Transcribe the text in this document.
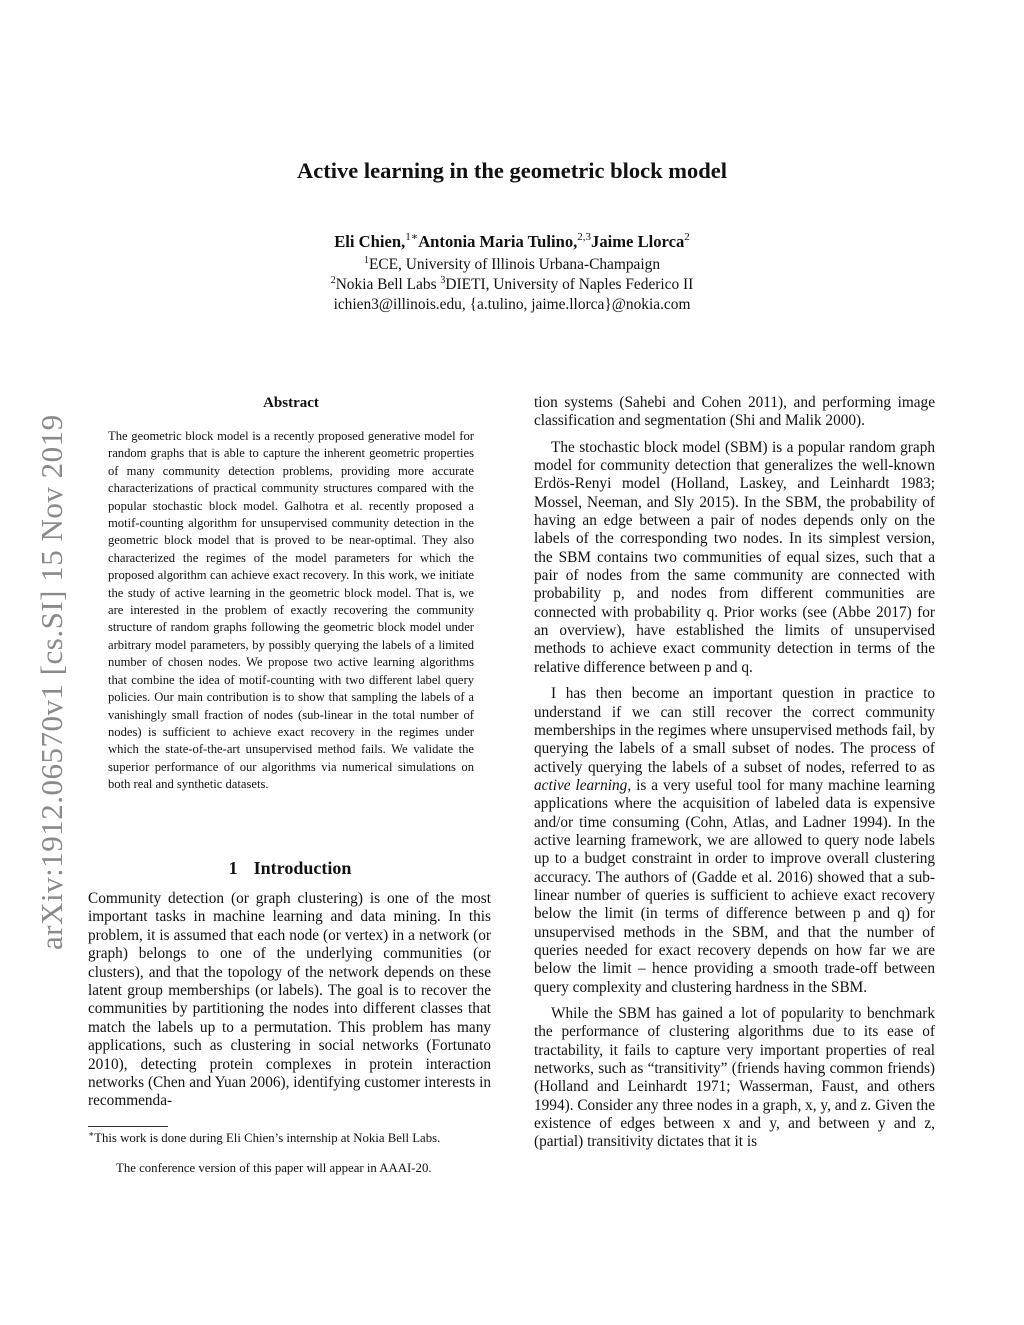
arXiv:1912.06570v1 [cs.SI] 15 Nov 2019
Active learning in the geometric block model
Eli Chien,$^{1∗}$Antonia Maria Tulino,$^{2,3}$Jaime Llorca$^2$
$^1$ECE, University of Illinois Urbana-Champaign
$^2$Nokia Bell Labs $^3$DIETI, University of Naples Federico II
ichien3@illinois.edu, {a.tulino, jaime.llorca}@nokia.com
Abstract
The geometric block model is a recently proposed generative model for random graphs that is able to capture the inherent geometric properties of many community detection problems, providing more accurate characterizations of practical community structures compared with the popular stochastic block model. Galhotra et al. recently proposed a motif-counting algorithm for unsupervised community detection in the geometric block model that is proved to be near-optimal. They also characterized the regimes of the model parameters for which the proposed algorithm can achieve exact recovery. In this work, we initiate the study of active learning in the geometric block model. That is, we are interested in the problem of exactly recovering the community structure of random graphs following the geometric block model under arbitrary model parameters, by possibly querying the labels of a limited number of chosen nodes. We propose two active learning algorithms that combine the idea of motif-counting with two different label query policies. Our main contribution is to show that sampling the labels of a vanishingly small fraction of nodes (sub-linear in the total number of nodes) is sufficient to achieve exact recovery in the regimes under which the state-of-the-art unsupervised method fails. We validate the superior performance of our algorithms via numerical simulations on both real and synthetic datasets.
1 Introduction
Community detection (or graph clustering) is one of the most important tasks in machine learning and data mining. In this problem, it is assumed that each node (or vertex) in a network (or graph) belongs to one of the underlying communities (or clusters), and that the topology of the network depends on these latent group memberships (or labels). The goal is to recover the communities by partitioning the nodes into different classes that match the labels up to a permutation. This problem has many applications, such as clustering in social networks (Fortunato 2010), detecting protein complexes in protein interaction networks (Chen and Yuan 2006), identifying customer interests in recommenda-
∗This work is done during Eli Chien’s internship at Nokia Bell Labs.
The conference version of this paper will appear in AAAI-20.

tion systems (Sahebi and Cohen 2011), and performing image classification and segmentation (Shi and Malik 2000).

The stochastic block model (SBM) is a popular random graph model for community detection that generalizes the well-known Erdös-Renyi model (Holland, Laskey, and Leinhardt 1983; Mossel, Neeman, and Sly 2015). In the SBM, the probability of having an edge between a pair of nodes depends only on the labels of the corresponding two nodes. In its simplest version, the SBM contains two communities of equal sizes, such that a pair of nodes from the same community are connected with probability p, and nodes from different communities are connected with probability q. Prior works (see (Abbe 2017) for an overview), have established the limits of unsupervised methods to achieve exact community detection in terms of the relative difference between p and q.

I has then become an important question in practice to understand if we can still recover the correct community memberships in the regimes where unsupervised methods fail, by querying the labels of a small subset of nodes. The process of actively querying the labels of a subset of nodes, referred to as active learning, is a very useful tool for many machine learning applications where the acquisition of labeled data is expensive and/or time consuming (Cohn, Atlas, and Ladner 1994). In the active learning framework, we are allowed to query node labels up to a budget constraint in order to improve overall clustering accuracy. The authors of (Gadde et al. 2016) showed that a sub-linear number of queries is sufficient to achieve exact recovery below the limit (in terms of difference between p and q) for unsupervised methods in the SBM, and that the number of queries needed for exact recovery depends on how far we are below the limit – hence providing a smooth trade-off between query complexity and clustering hardness in the SBM.

While the SBM has gained a lot of popularity to benchmark the performance of clustering algorithms due to its ease of tractability, it fails to capture very important properties of real networks, such as “transitivity” (friends having common friends) (Holland and Leinhardt 1971; Wasserman, Faust, and others 1994). Consider any three nodes in a graph, x, y, and z. Given the existence of edges between x and y, and between y and z, (partial) transitivity dictates that it is
